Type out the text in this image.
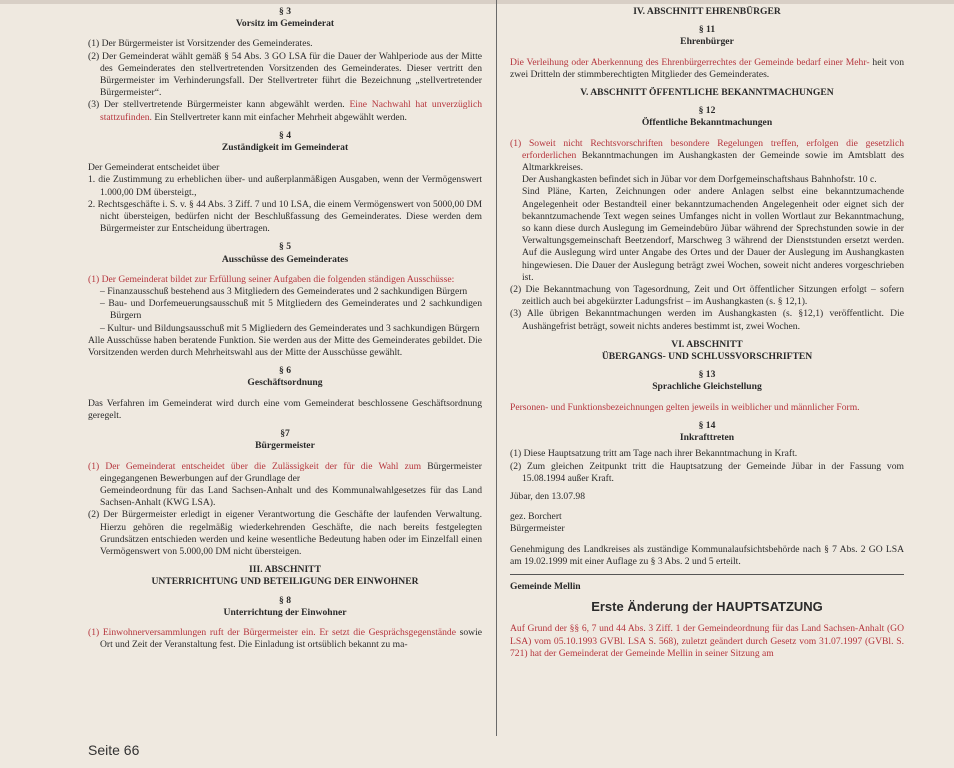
§ 3

Vorsitz im Gemeinderat

(1) Der Bürgermeister ist Vorsitzender des Gemeinderates.

(2) Der Gemeinderat wählt gemäß § 54 Abs. 3 GO LSA für die Dauer der Wahlperiode aus der Mitte des Gemeinderates den stellvertretenden Vorsitzenden des Gemeinderates. Dieser vertritt den Bürgermeister im Verhinderungsfall. Der Stellvertreter führt die Bezeichnung „stellvertretender Bürgermeister“.

(3) Der stellvertretende Bürgermeister kann abgewählt werden. Eine Nachwahl hat unverzüglich stattzufinden. Ein Stellvertreter kann mit einfacher Mehrheit abgewählt werden.

§ 4

Zuständigkeit im Gemeinderat

Der Gemeinderat entscheidet über

1. die Zustimmung zu erheblichen über- und außerplanmäßigen Ausgaben, wenn der Vermögenswert 1.000,00 DM übersteigt.,

2. Rechtsgeschäfte i. S. v. § 44 Abs. 3 Ziff. 7 und 10 LSA, die einem Vermögenswert von 5000,00 DM nicht übersteigen, bedürfen nicht der Beschlußfassung des Gemeinderates. Diese werden dem Bürgermeister zur Entscheidung übertragen.

§ 5

Ausschüsse des Gemeinderates

(1) Der Gemeinderat bildet zur Erfüllung seiner Aufgaben die folgenden ständigen Ausschüsse:

– Finanzausschuß bestehend aus 3 Mitgliedern des Gemeinderates und 2 sachkundigen Bürgern

– Bau- und Dorfemeuerungsausschuß mit 5 Mitgliedern des Gemeinderates und 2 sachkundigen Bürgern

– Kultur- und Bildungsausschuß mit 5 Migliedern des Gemeinderates und 3 sachkundigen Bürgern

Alle Ausschüsse haben beratende Funktion. Sie werden aus der Mitte des Gemeinderates gebildet. Die Vorsitzenden werden durch Mehrheitswahl aus der Mitte der Ausschüsse gewählt.

§ 6

Geschäftsordnung

Das Verfahren im Gemeinderat wird durch eine vom Gemeinderat beschlossene Geschäftsordnung geregelt.

§7

Bürgermeister

(1) Der Gemeinderat entscheidet über die Zulässigkeit der für die Wahl zum Bürgermeister eingegangenen Bewerbungen auf der Grundlage der

Gemeindeordnung für das Land Sachsen-Anhalt und des Kommunalwahlgesetzes für das Land Sachsen-Anhalt (KWG LSA).

(2) Der Bürgermeister erledigt in eigener Verantwortung die Geschäfte der laufenden Verwaltung. Hierzu gehören die regelmäßig wiederkehrenden Geschäfte, die nach bereits festgelegten Grundsätzen entschieden werden und keine wesentliche Bedeutung haben oder im Einzelfall einen Vermögenswert von 5.000,00 DM nicht übersteigen.

III. ABSCHNITT

UNTERRICHTUNG UND BETEILIGUNG DER EINWOHNER

§ 8

Unterrichtung der Einwohner

(1) Einwohnerversammlungen ruft der Bürgermeister ein. Er setzt die Gesprächsgegenstände sowie Ort und Zeit der Veranstaltung fest. Die Einladung ist ortsüblich bekannt zu ma-

Seite 66

IV. ABSCHNITT EHRENBÜRGER

§ 11

Ehrenbürger

Die Verleihung oder Aberkennung des Ehrenbürgerrechtes der Gemeinde bedarf einer Mehr- heit von zwei Dritteln der stimmberechtigten Mitglieder des Gemeinderates.

V. ABSCHNITT ÖFFENTLICHE BEKANNTMACHUNGEN

§ 12

Öffentliche Bekanntmachungen

(1) Soweit nicht Rechtsvorschriften besondere Regelungen treffen, erfolgen die gesetzlich erforderlichen Bekanntmachungen im Aushangkasten der Gemeinde sowie im Amtsblatt des Altmarkkreises.

Der Aushangkasten befindet sich in Jübar vor dem Dorfgemeinschaftshaus Bahnhofstr. 10 c.

Sind Pläne, Karten, Zeichnungen oder andere Anlagen selbst eine bekanntzumachende Angelegenheit oder Bestandteil einer bekanntzumachenden Angelegenheit oder eignet sich der bekanntzumachende Text wegen seines Umfanges nicht in vollen Wortlaut zur Bekanntmachung, so kann diese durch Auslegung im Gemeindebüro Jübar während der Sprechstunden sowie in der Verwaltungsgemeinschaft Beetzendorf, Marschweg 3 während der Dienststunden ersetzt werden. Auf die Auslegung wird unter Angabe des Ortes und der Dauer der Auslegung im Aushangkasten hingewiesen. Die Dauer der Auslegung beträgt zwei Wochen, soweit nicht anderes vorgeschrieben ist.

(2) Die Bekanntmachung von Tagesordnung, Zeit und Ort öffentlicher Sitzungen erfolgt – sofern zeitlich auch bei abgekürzter Ladungsfrist – im Aushangkasten (s. § 12,1).

(3) Alle übrigen Bekanntmachungen werden im Aushangkasten (s. §12,1) veröffentlicht. Die Aushängefrist beträgt, soweit nichts anderes bestimmt ist, zwei Wochen.

VI. ABSCHNITT

ÜBERGANGS- UND SCHLUSSVORSCHRIFTEN

§ 13

Sprachliche Gleichstellung

Personen- und Funktionsbezeichnungen gelten jeweils in weiblicher und männlicher Form.

§ 14

Inkrafttreten

(1) Diese Hauptsatzung tritt am Tage nach ihrer Bekanntmachung in Kraft.

(2) Zum gleichen Zeitpunkt tritt die Hauptsatzung der Gemeinde Jübar in der Fassung vom 15.08.1994 außer Kraft.

Jübar, den 13.07.98

gez. Borchert

Bürgermeister

Genehmigung des Landkreises als zuständige Kommunalaufsichtsbehörde nach § 7 Abs. 2 GO LSA am 19.02.1999 mit einer Auflage zu § 3 Abs. 2 und 5 erteilt.

Gemeinde Mellin

Erste Änderung der HAUPTSATZUNG

Auf Grund der §§ 6, 7 und 44 Abs. 3 Ziff. 1 der Gemeindeordnung für das Land Sachsen-Anhalt (GO LSA) vom 05.10.1993 GVBl. LSA S. 568), zuletzt geändert durch Gesetz vom 31.07.1997 (GVBl. S. 721) hat der Gemeinderat der Gemeinde Mellin in seiner Sitzung am
